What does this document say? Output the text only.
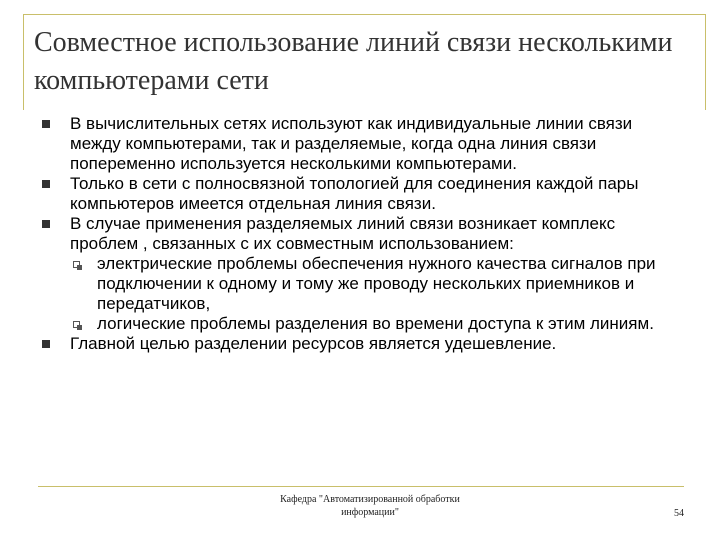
Совместное использование линий связи несколькими компьютерами сети
В вычислительных сетях используют как индивидуальные линии связи между компьютерами, так и разделяемые, когда одна линия связи попеременно используется несколькими компьютерами.
Только в сети с полносвязной топологией для соединения каждой пары компьютеров имеется отдельная линия связи.
В случае применения разделяемых линий связи возникает комплекс проблем , связанных с их совместным использованием:
электрические проблемы обеспечения нужного качества сигналов при подключении к одному и тому же проводу нескольких приемников и передатчиков,
логические проблемы разделения во времени доступа к этим линиям.
Главной целью разделении ресурсов является удешевление.
Кафедра "Автоматизированной обработки
информации"	54
